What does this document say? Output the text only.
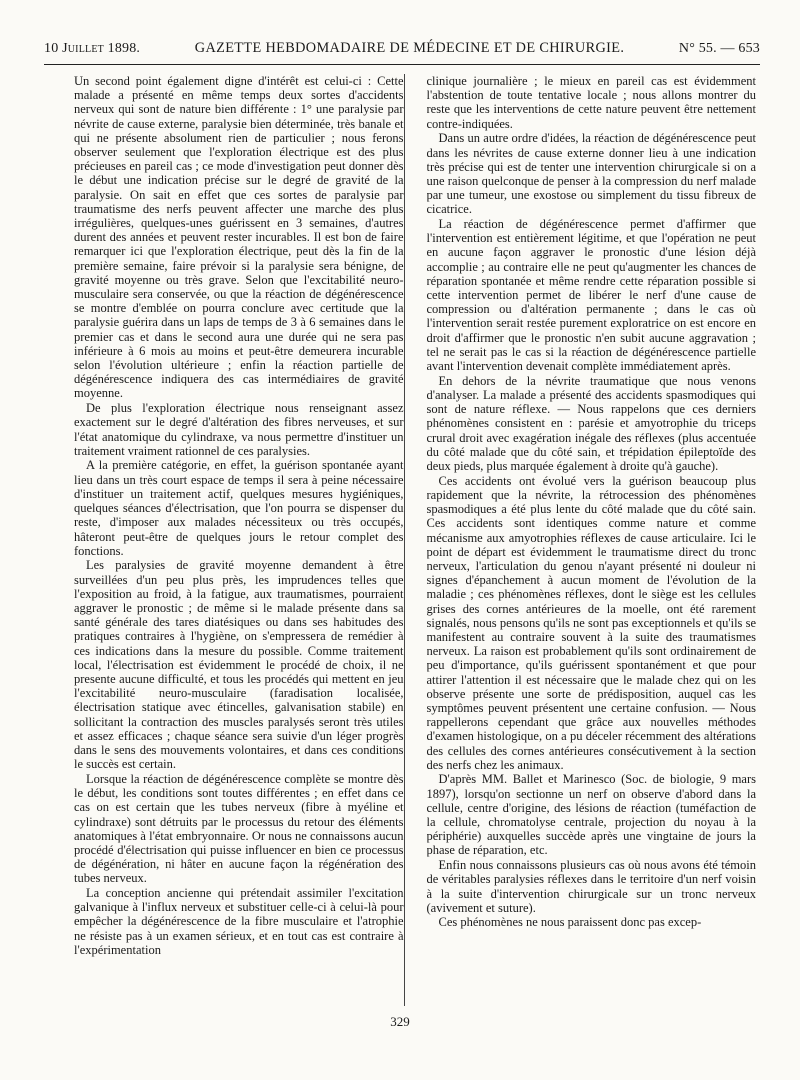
10 Juillet 1898.	GAZETTE HEBDOMADAIRE DE MÉDECINE ET DE CHIRURGIE.	N° 55. — 653

Un second point également digne d'intérêt est celui-ci : Cette malade a présenté en même temps deux sortes d'accidents nerveux qui sont de nature bien différente : 1° une paralysie par névrite de cause externe, paralysie bien déterminée, très banale et qui ne présente absolument rien de particulier ; nous ferons observer seulement que l'exploration électrique est des plus précieuses en pareil cas ; ce mode d'investigation peut donner dès le début une indication précise sur le degré de gravité de la paralysie. On sait en effet que ces sortes de paralysie par traumatisme des nerfs peuvent affecter une marche des plus irrégulières, quelques-unes guérissent en 3 semaines, d'autres durent des années et peuvent rester incurables. Il est bon de faire remarquer ici que l'exploration électrique, peut dès la fin de la première semaine, faire prévoir si la paralysie sera bénigne, de gravité moyenne ou très grave. Selon que l'excitabilité neuro-musculaire sera conservée, ou que la réaction de dégénérescence se montre d'emblée on pourra conclure avec certitude que la paralysie guérira dans un laps de temps de 3 à 6 semaines dans le premier cas et dans le second aura une durée qui ne sera pas inférieure à 6 mois au moins et peut-être demeurera incurable selon l'évolution ultérieure ; enfin la réaction partielle de dégénérescence indiquera des cas intermédiaires de gravité moyenne.

De plus l'exploration électrique nous renseignant assez exactement sur le degré d'altération des fibres nerveuses, et sur l'état anatomique du cylindraxe, va nous permettre d'instituer un traitement vraiment rationnel de ces paralysies.

A la première catégorie, en effet, la guérison spontanée ayant lieu dans un très court espace de temps il sera à peine nécessaire d'instituer un traitement actif, quelques mesures hygiéniques, quelques séances d'électrisation, que l'on pourra se dispenser du reste, d'imposer aux malades nécessiteux ou très occupés, hâteront peut-être de quelques jours le retour complet des fonctions.

Les paralysies de gravité moyenne demandent à être surveillées d'un peu plus près, les imprudences telles que l'exposition au froid, à la fatigue, aux traumatismes, pourraient aggraver le pronostic ; de même si le malade présente dans sa santé générale des tares diatésiques ou dans ses habitudes des pratiques contraires à l'hygiène, on s'empressera de remédier à ces indications dans la mesure du possible. Comme traitement local, l'électrisation est évidemment le procédé de choix, il ne presente aucune difficulté, et tous les procédés qui mettent en jeu l'excitabilité neuro-musculaire (faradisation localisée, électrisation statique avec étincelles, galvanisation stabile) en sollicitant la contraction des muscles paralysés seront très utiles et assez efficaces ; chaque séance sera suivie d'un léger progrès dans le sens des mouvements volontaires, et dans ces conditions le succès est certain.

Lorsque la réaction de dégénérescence complète se montre dès le début, les conditions sont toutes différentes ; en effet dans ce cas on est certain que les tubes nerveux (fibre à myéline et cylindraxe) sont détruits par le processus du retour des éléments anatomiques à l'état embryonnaire. Or nous ne connaissons aucun procédé d'électrisation qui puisse influencer en bien ce processus de dégénération, ni hâter en aucune façon la régénération des tubes nerveux.

La conception ancienne qui prétendait assimiler l'excitation galvanique à l'influx nerveux et substituer celle-ci à celui-là pour empêcher la dégénérescence de la fibre musculaire et l'atrophie ne résiste pas à un examen sérieux, et en tout cas est contraire à l'expérimentation

clinique journalière ; le mieux en pareil cas est évidemment l'abstention de toute tentative locale ; nous allons montrer du reste que les interventions de cette nature peuvent être nettement contre-indiquées.

Dans un autre ordre d'idées, la réaction de dégénérescence peut dans les névrites de cause externe donner lieu à une indication très précise qui est de tenter une intervention chirurgicale si on a une raison quelconque de penser à la compression du nerf malade par une tumeur, une exostose ou simplement du tissu fibreux de cicatrice.

La réaction de dégénérescence permet d'affirmer que l'intervention est entièrement légitime, et que l'opération ne peut en aucune façon aggraver le pronostic d'une lésion déjà accomplie ; au contraire elle ne peut qu'augmenter les chances de réparation spontanée et même rendre cette réparation possible si cette intervention permet de libérer le nerf d'une cause de compression ou d'altération permanente ; dans le cas où l'intervention serait restée purement exploratrice on est encore en droit d'affirmer que le pronostic n'en subit aucune aggravation ; tel ne serait pas le cas si la réaction de dégénérescence partielle avant l'intervention devenait complète immédiatement après.

En dehors de la névrite traumatique que nous venons d'analyser. La malade a présenté des accidents spasmodiques qui sont de nature réflexe. — Nous rappelons que ces derniers phénomènes consistent en : parésie et amyotrophie du triceps crural droit avec exagération inégale des réflexes (plus accentuée du côté malade que du côté sain, et trépidation épileptoïde des deux pieds, plus marquée également à droite qu'à gauche).

Ces accidents ont évolué vers la guérison beaucoup plus rapidement que la névrite, la rétrocession des phénomènes spasmodiques a été plus lente du côté malade que du côté sain. Ces accidents sont identiques comme nature et comme mécanisme aux amyotrophies réflexes de cause articulaire. Ici le point de départ est évidemment le traumatisme direct du tronc nerveux, l'articulation du genou n'ayant présenté ni douleur ni signes d'épanchement à aucun moment de l'évolution de la maladie ; ces phénomènes réflexes, dont le siège est les cellules grises des cornes antérieures de la moelle, ont été rarement signalés, nous pensons qu'ils ne sont pas exceptionnels et qu'ils se manifestent au contraire souvent à la suite des traumatismes nerveux. La raison est probablement qu'ils sont ordinairement de peu d'importance, qu'ils guérissent spontanément et que pour attirer l'attention il est nécessaire que le malade chez qui on les observe présente une sorte de prédisposition, auquel cas les symptômes peuvent présentent une certaine confusion. — Nous rappellerons cependant que grâce aux nouvelles méthodes d'examen histologique, on a pu déceler récemment des altérations des cellules des cornes antérieures consécutivement à la section des nerfs chez les animaux.

D'après MM. Ballet et Marinesco (Soc. de biologie, 9 mars 1897), lorsqu'on sectionne un nerf on observe d'abord dans la cellule, centre d'origine, des lésions de réaction (tuméfaction de la cellule, chromatolyse centrale, projection du noyau à la périphérie) auxquelles succède après une vingtaine de jours la phase de réparation, etc.

Enfin nous connaissons plusieurs cas où nous avons été témoin de véritables paralysies réflexes dans le territoire d'un nerf voisin à la suite d'intervention chirurgicale sur un tronc nerveux (avivement et suture).

Ces phénomènes ne nous paraissent donc pas excep-

329
